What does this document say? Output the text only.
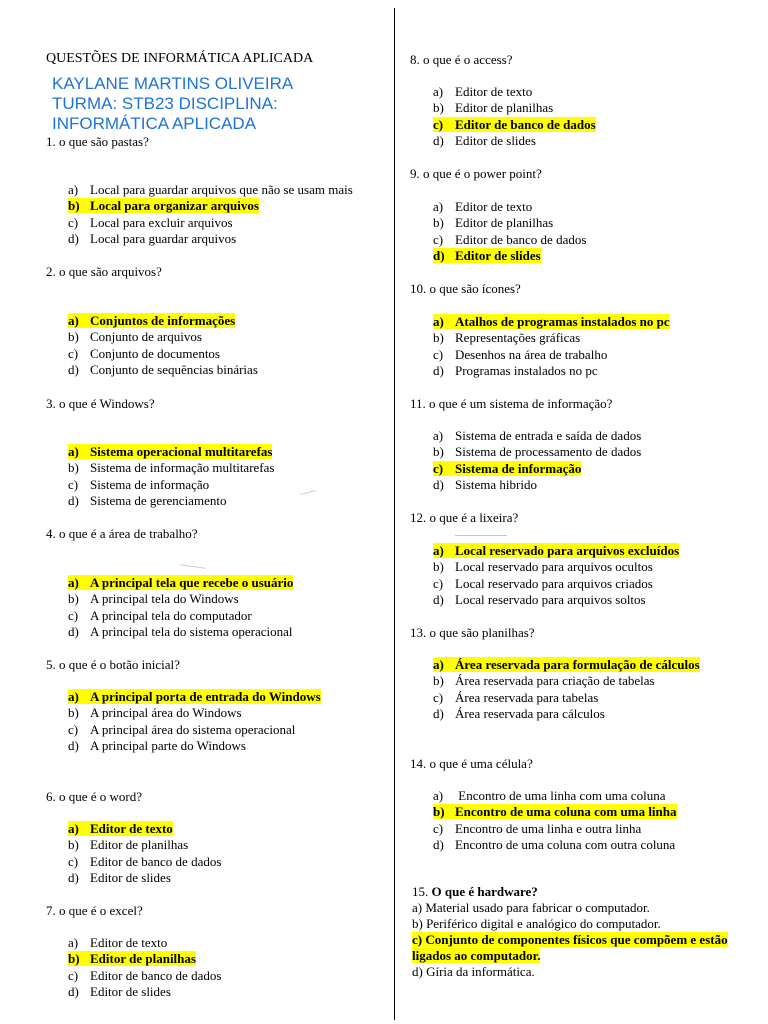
QUESTÕES DE INFORMÁTICA APLICADA
KAYLANE MARTINS OLIVEIRA
TURMA: STB23 DISCIPLINA:
INFORMÁTICA APLICADA
1. o que são pastas?
a) Local para guardar arquivos que não se usam mais
b) Local para organizar arquivos
c) Local para excluir arquivos
d) Local para guardar arquivos
2. o que são arquivos?
a) Conjuntos de informações
b) Conjunto de arquivos
c) Conjunto de documentos
d) Conjunto de sequências binárias
3. o que é Windows?
a) Sistema operacional multitarefas
b) Sistema de informação multitarefas
c) Sistema de informação
d) Sistema de gerenciamento
4. o que é a área de trabalho?
a) A principal tela que recebe o usuário
b) A principal tela do Windows
c) A principal tela do computador
d) A principal tela do sistema operacional
5. o que é o botão inicial?
a) A principal porta de entrada do Windows
b) A principal área do Windows
c) A principal área do sistema operacional
d) A principal parte do Windows
6. o que é o word?
a) Editor de texto
b) Editor de planilhas
c) Editor de banco de dados
d) Editor de slides
7. o que é o excel?
a) Editor de texto
b) Editor de planilhas
c) Editor de banco de dados
d) Editor de slides
8. o que é o access?
a) Editor de texto
b) Editor de planilhas
c) Editor de banco de dados
d) Editor de slides
9. o que é o power point?
a) Editor de texto
b) Editor de planilhas
c) Editor de banco de dados
d) Editor de slides
10. o que são ícones?
a) Atalhos de programas instalados no pc
b) Representações gráficas
c) Desenhos na área de trabalho
d) Programas instalados no pc
11. o que é um sistema de informação?
a) Sistema de entrada e saída de dados
b) Sistema de processamento de dados
c) Sistema de informação
d) Sistema hibrido
12. o que é a lixeira?
a) Local reservado para arquivos excluídos
b) Local reservado para arquivos ocultos
c) Local reservado para arquivos criados
d) Local reservado para arquivos soltos
13. o que são planilhas?
a) Área reservada para formulação de cálculos
b) Área reservada para criação de tabelas
c) Área reservada para tabelas
d) Área reservada para cálculos
14. o que é uma célula?
a) Encontro de uma linha com uma coluna
b) Encontro de uma coluna com uma linha
c) Encontro de uma linha e outra linha
d) Encontro de uma coluna com outra coluna

15. O que é hardware?

a) Material usado para fabricar o computador.

b) Periférico digital e analógico do computador.

c) Conjunto de componentes físicos que compõem e estão ligados ao computador.

d) Gíria da informática.
